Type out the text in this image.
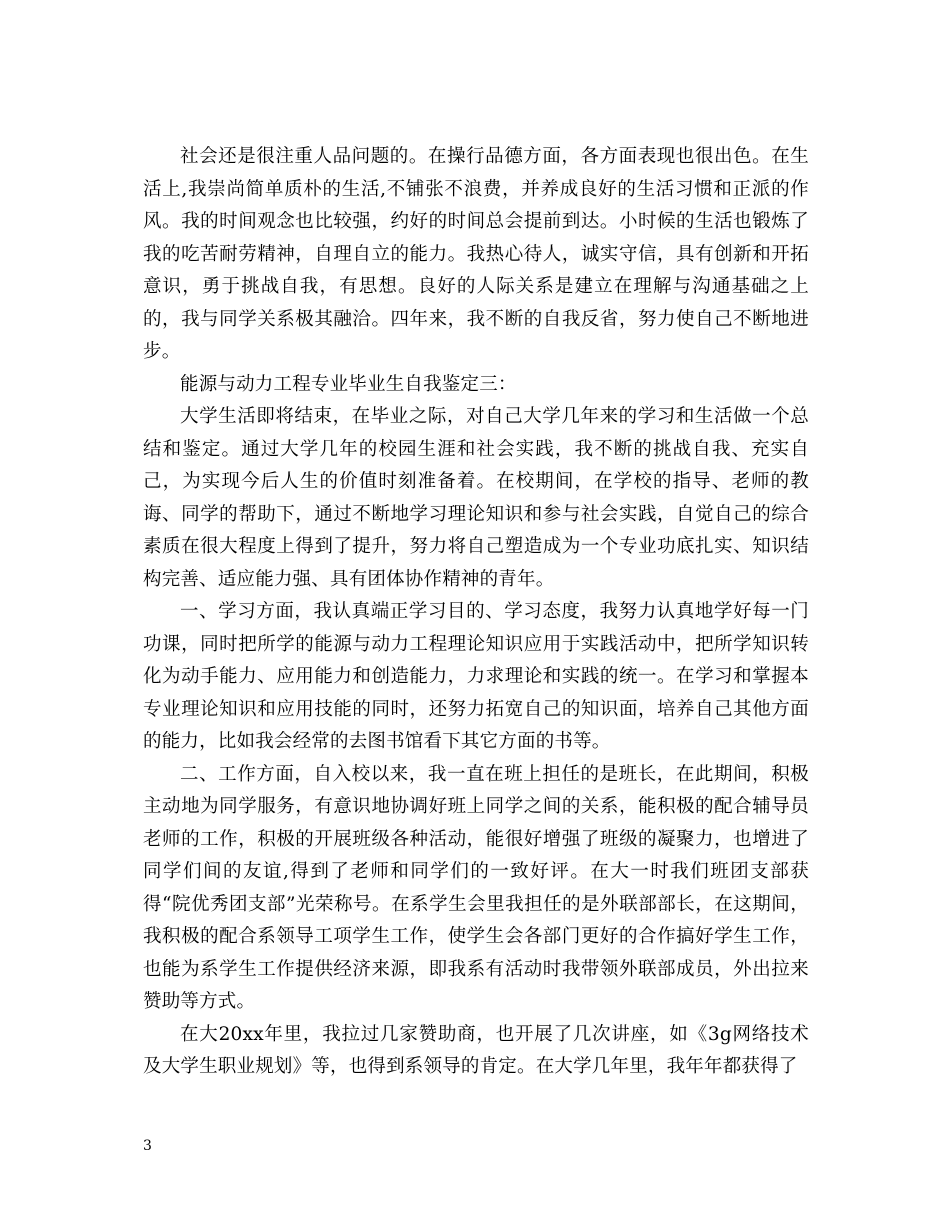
社会还是很注重人品问题的。在操行品德方面，各方面表现也很出色。在生活上,我崇尚简单质朴的生活,不铺张不浪费，并养成良好的生活习惯和正派的作风。我的时间观念也比较强，约好的时间总会提前到达。小时候的生活也锻炼了我的吃苦耐劳精神，自理自立的能力。我热心待人，诚实守信，具有创新和开拓意识，勇于挑战自我，有思想。良好的人际关系是建立在理解与沟通基础之上的，我与同学关系极其融洽。四年来，我不断的自我反省，努力使自己不断地进步。

能源与动力工程专业毕业生自我鉴定三：

大学生活即将结束，在毕业之际，对自己大学几年来的学习和生活做一个总结和鉴定。通过大学几年的校园生涯和社会实践，我不断的挑战自我、充实自己，为实现今后人生的价值时刻准备着。在校期间，在学校的指导、老师的教诲、同学的帮助下，通过不断地学习理论知识和参与社会实践，自觉自己的综合素质在很大程度上得到了提升，努力将自己塑造成为一个专业功底扎实、知识结构完善、适应能力强、具有团体协作精神的青年。

一、学习方面，我认真端正学习目的、学习态度，我努力认真地学好每一门功课，同时把所学的能源与动力工程理论知识应用于实践活动中，把所学知识转化为动手能力、应用能力和创造能力，力求理论和实践的统一。在学习和掌握本专业理论知识和应用技能的同时，还努力拓宽自己的知识面，培养自己其他方面的能力，比如我会经常的去图书馆看下其它方面的书等。

二、工作方面，自入校以来，我一直在班上担任的是班长，在此期间，积极主动地为同学服务，有意识地协调好班上同学之间的关系，能积极的配合辅导员老师的工作，积极的开展班级各种活动，能很好增强了班级的凝聚力，也增进了同学们间的友谊,得到了老师和同学们的一致好评。在大一时我们班团支部获得“院优秀团支部”光荣称号。在系学生会里我担任的是外联部部长，在这期间，我积极的配合系领导工项学生工作，使学生会各部门更好的合作搞好学生工作，也能为系学生工作提供经济来源，即我系有活动时我带领外联部成员，外出拉来赞助等方式。

在大20xx年里，我拉过几家赞助商，也开展了几次讲座，如《3g网络技术及大学生职业规划》等，也得到系领导的肯定。在大学几年里，我年年都获得了

3
